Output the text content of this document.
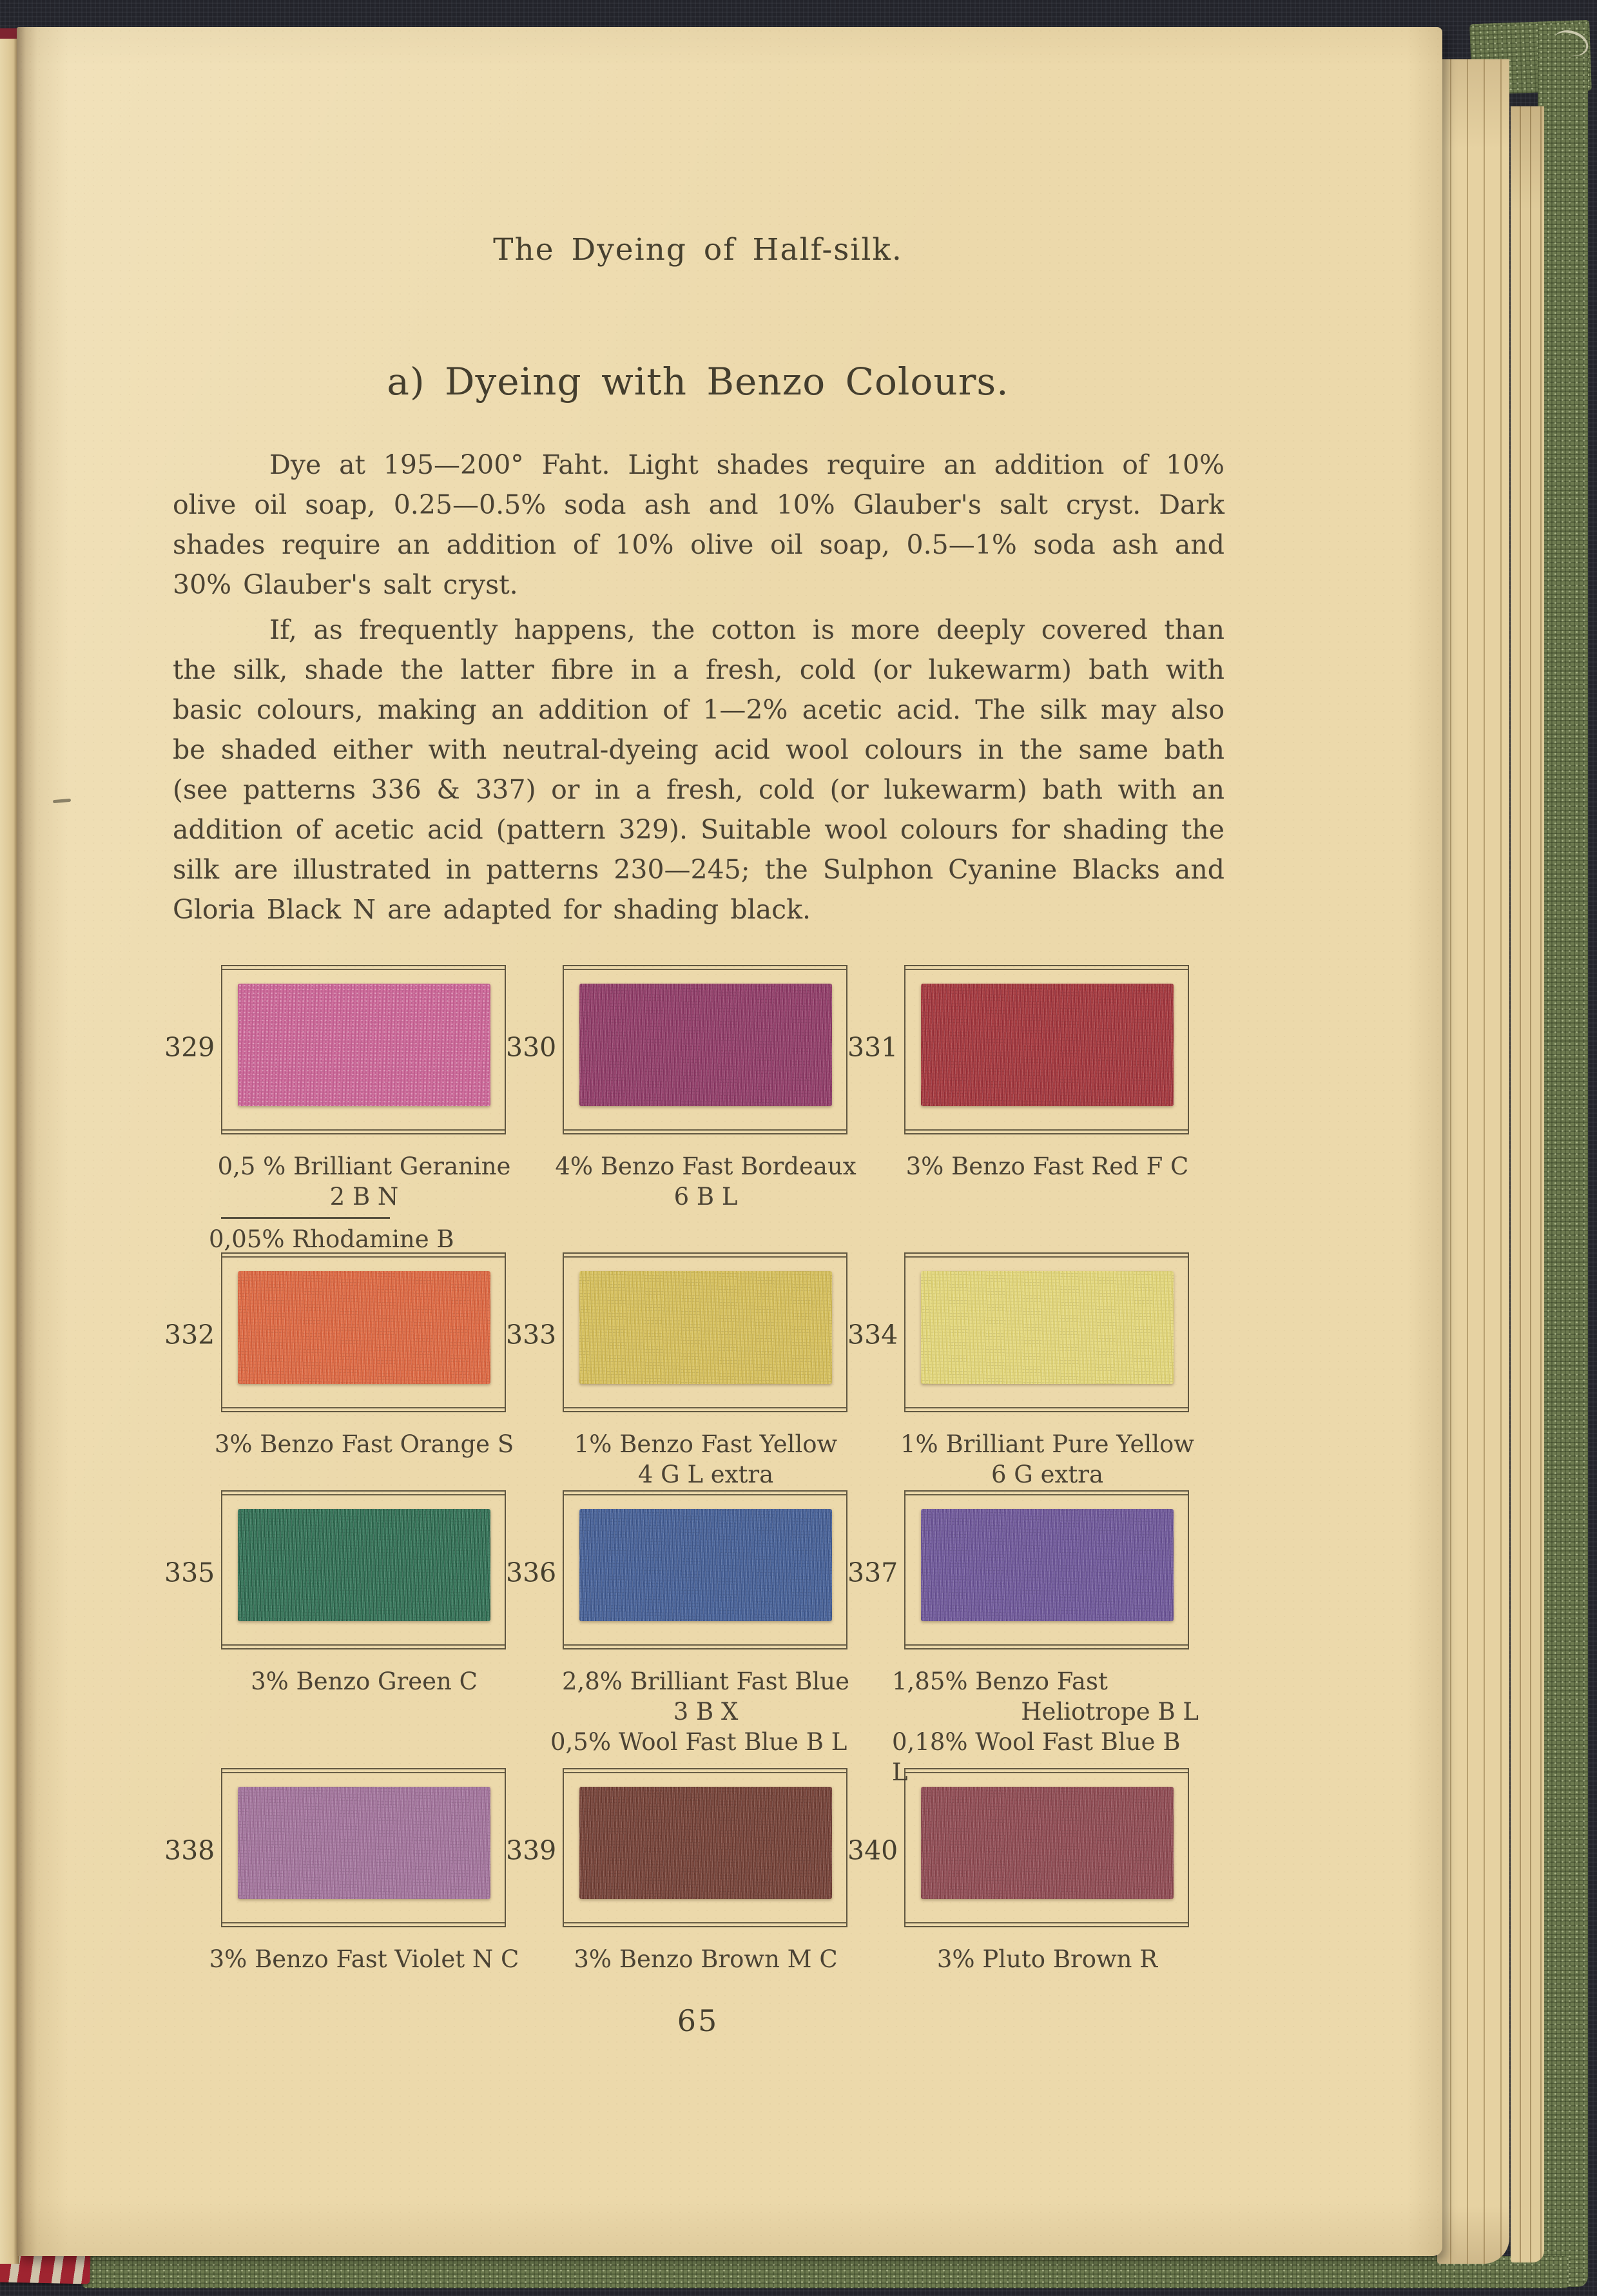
The Dyeing of Half-silk.
a) Dyeing with Benzo Colours.

Dye at 195—200° Faht. Light shades require an addition of 10% olive oil soap, 0.25—0.5% soda ash and 10% Glauber's salt cryst. Dark shades require an addition of 10% olive oil soap, 0.5—1% soda ash and 30% Glauber's salt cryst.

If, as frequently happens, the cotton is more deeply covered than the silk, shade the latter fibre in a fresh, cold (or lukewarm) bath with basic colours, making an addition of 1—2% acetic acid. The silk may also be shaded either with neutral-dyeing acid wool colours in the same bath (see patterns 336 & 337) or in a fresh, cold (or lukewarm) bath with an addition of acetic acid (pattern 329). Suitable wool colours for shading the silk are illustrated in patterns 230—245; the Sulphon Cyanine Blacks and Gloria Black N are adapted for shading black.

329
0,5 % Brilliant Geranine
2 B N
0,05% Rhodamine B
330
4% Benzo Fast Bordeaux
6 B L
331
3% Benzo Fast Red F C
332
3% Benzo Fast Orange S
333
1% Benzo Fast Yellow
4 G L extra
334
1% Brilliant Pure Yellow
6 G extra
335
3% Benzo Green C
336
2,8% Brilliant Fast Blue
3 B X
0,5% Wool Fast Blue B L
337
1,85% Benzo Fast
Heliotrope B L
0,18% Wool Fast Blue B L
338
3% Benzo Fast Violet N C
339
3% Benzo Brown M C
340
3% Pluto Brown R
65
